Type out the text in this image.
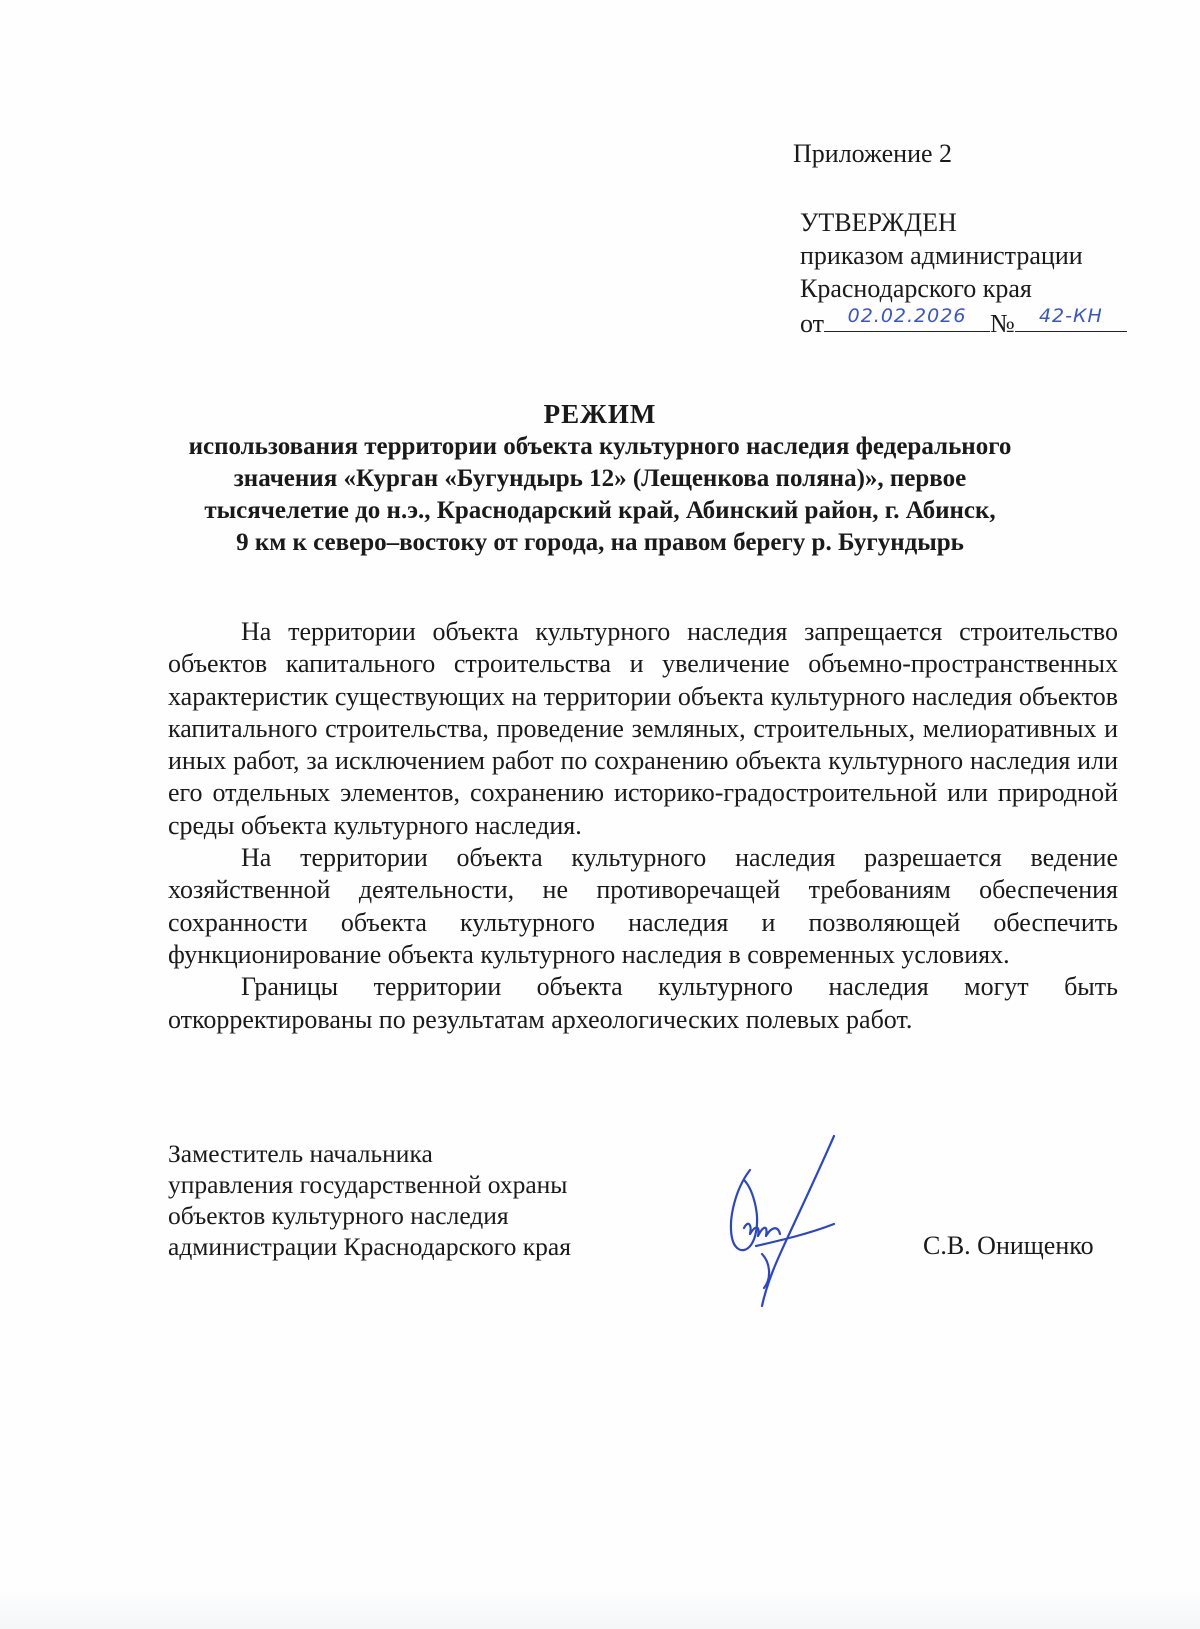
Приложение 2
УТВЕРЖДЕН
приказом администрации
Краснодарского края
от	02.02.2026 №	42-КН
РЕЖИМ
использования территории объекта культурного наследия федерального
значения «Курган «Бугундырь 12» (Лещенкова поляна)», первое
тысячелетие до н.э., Краснодарский край, Абинский район, г. Абинск,
9 км к северо–востоку от города, на правом берегу р. Бугундырь

На территории объекта культурного наследия запрещается строительство объектов капитального строительства и увеличение объемно-пространственных характеристик существующих на территории объекта культурного наследия объектов капитального строительства, проведение земляных, строительных, мелиоративных и иных работ, за исключением работ по сохранению объекта культурного наследия или его отдельных элементов, сохранению историко-градостроительной или природной среды объекта культурного наследия.

На территории объекта культурного наследия разрешается ведение хозяйственной деятельности, не противоречащей требованиям обеспечения сохранности объекта культурного наследия и позволяющей обеспечить функционирование объекта культурного наследия в современных условиях.

Границы территории объекта культурного наследия могут быть откорректированы по результатам археологических полевых работ.

Заместитель начальника
управления государственной охраны
объектов культурного наследия
администрации Краснодарского края	С.В. Онищенко
